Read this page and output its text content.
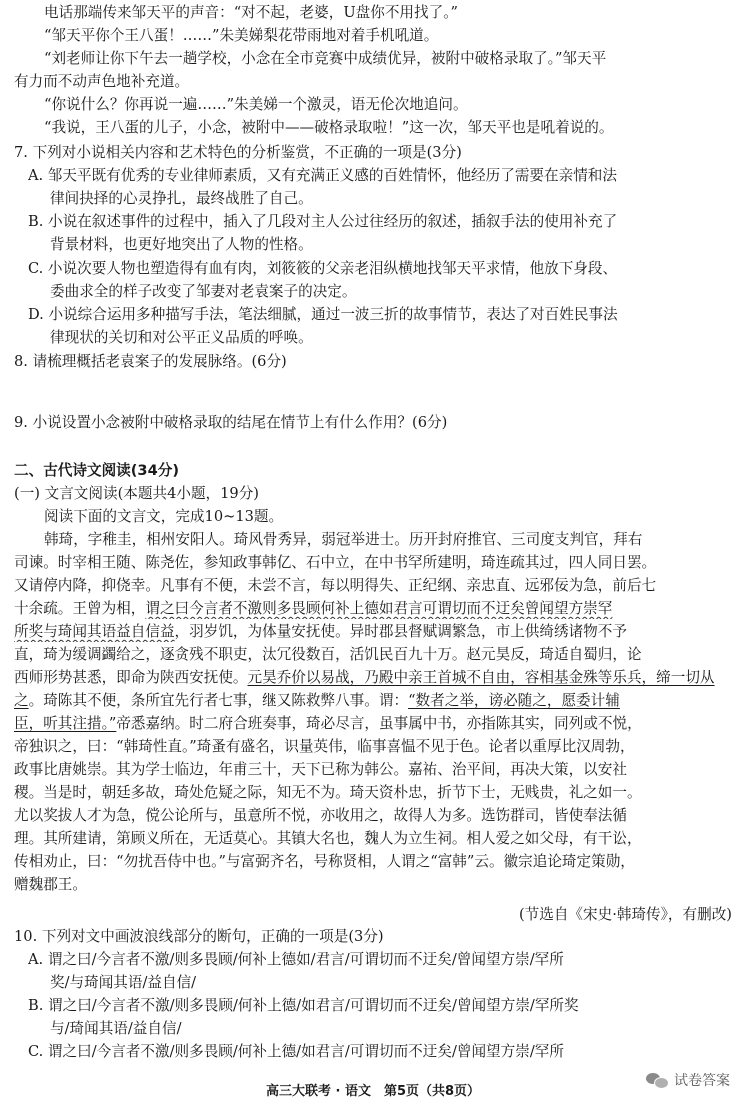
电话那端传来邹天平的声音：“对不起，老婆，U盘你不用找了。”
“邹天平你个王八蛋！……”朱美娣梨花带雨地对着手机吼道。
“刘老师让你下午去一趟学校，小念在全市竞赛中成绩优异，被附中破格录取了。”邹天平
有力而不动声色地补充道。
“你说什么？你再说一遍……”朱美娣一个激灵，语无伦次地追问。
“我说，王八蛋的儿子，小念，被附中——破格录取啦！”这一次，邹天平也是吼着说的。
7. 下列对小说相关内容和艺术特色的分析鉴赏，不正确的一项是(3分)
A. 邹天平既有优秀的专业律师素质，又有充满正义感的百姓情怀，他经历了需要在亲情和法
律间抉择的心灵挣扎，最终战胜了自己。
B. 小说在叙述事件的过程中，插入了几段对主人公过往经历的叙述，插叙手法的使用补充了
背景材料，也更好地突出了人物的性格。
C. 小说次要人物也塑造得有血有肉，刘筱筱的父亲老泪纵横地找邹天平求情，他放下身段、
委曲求全的样子改变了邹妻对老袁案子的决定。
D. 小说综合运用多种描写手法，笔法细腻，通过一波三折的故事情节，表达了对百姓民事法
律现状的关切和对公平正义品质的呼唤。
8. 请梳理概括老袁案子的发展脉络。(6分)
9. 小说设置小念被附中破格录取的结尾在情节上有什么作用？(6分)
二、古代诗文阅读(34分)
(一) 文言文阅读(本题共4小题，19分)
阅读下面的文言文，完成10~13题。
韩琦，字稚圭，相州安阳人。琦风骨秀异，弱冠举进士。历开封府推官、三司度支判官，拜右
司谏。时宰相王随、陈尧佐，参知政事韩亿、石中立，在中书罕所建明，琦连疏其过，四人同日罢。
又请停内降，抑侥幸。凡事有不便，未尝不言，每以明得失、正纪纲、亲忠直、远邪佞为急，前后七
十余疏。王曾为相，谓之曰今言者不激则多畏顾何补上德如君言可谓切而不迂矣曾闻望方崇罕
所奖与琦闻其语益自信益，羽岁饥，为体量安抚使。异时郡县督赋调繁急，市上供绮绣诸物不予
直，琦为缓调蠲给之，逐贪残不职吏，汰冗役数百，活饥民百九十万。赵元昊反，琦适自蜀归，论
西师形势甚悉，即命为陕西安抚使。元昊乔价以易战，乃殿中亲王首城不自由，容相基金殊等乐兵，缔一切从
之。琦陈其不便，条所宜先行者七事，继又陈救弊八事。谓：“数者之举，谤必随之，愿委计辅
臣，听其注措。”帝悉嘉纳。时二府合班奏事，琦必尽言，虽事属中书，亦指陈其实，同列或不悦，
帝独识之，曰：“韩琦性直。”琦蚤有盛名，识量英伟，临事喜愠不见于色。论者以重厚比汉周勃，
政事比唐姚崇。其为学士临边，年甫三十，天下已称为韩公。嘉祐、治平间，再决大策，以安社
稷。当是时，朝廷多故，琦处危疑之际，知无不为。琦天资朴忠，折节下士，无贱贵，礼之如一。
尤以奖拔人才为急，傥公论所与，虽意所不悦，亦收用之，故得人为多。选饬群司，皆使奉法循
理。其所建请，第顾义所在，无适莫心。其镇大名也，魏人为立生祠。相人爱之如父母，有干讼，
传相劝止，曰：“勿扰吾侍中也。”与富弼齐名，号称贤相，人谓之“富韩”云。徽宗追论琦定策勋，
赠魏郡王。
(节选自《宋史·韩琦传》，有删改)
10. 下列对文中画波浪线部分的断句，正确的一项是(3分)
A. 谓之曰/今言者不激/则多畏顾/何补上德如/君言/可谓切而不迂矣/曾闻望方崇/罕所
奖/与琦闻其语/益自信/
B. 谓之曰/今言者不激/则多畏顾/何补上德/如君言/可谓切而不迂矣/曾闻望方崇/罕所奖
与/琦闻其语/益自信/
C. 谓之曰/今言者不激/则多畏顾/何补上德/如君言/可谓切而不迂矣/曾闻望方崇/罕所
高三大联考 · 语文　第5页（共8页）
试卷答案
